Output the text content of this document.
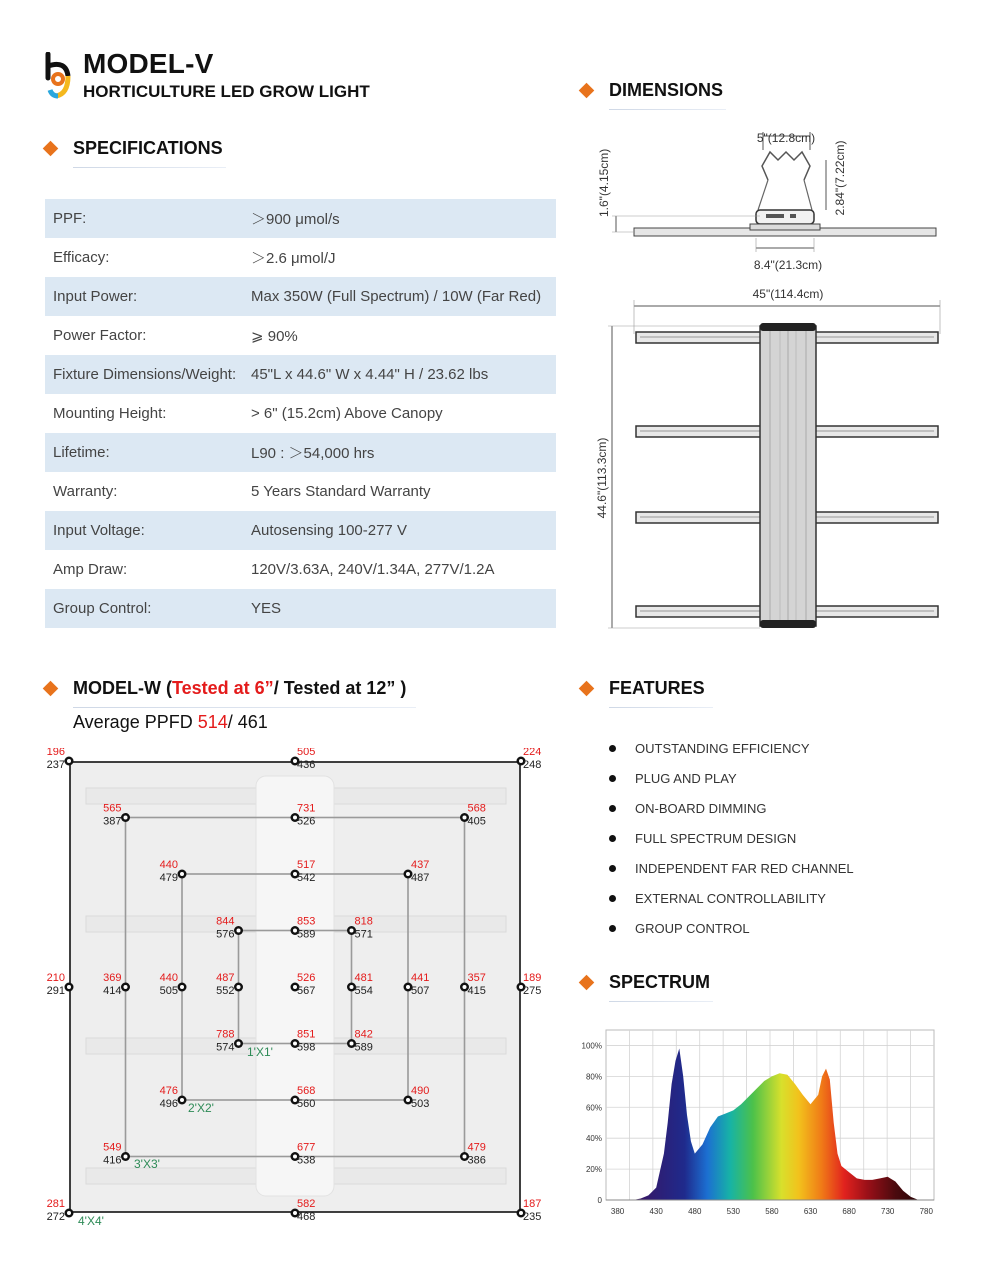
MODEL-V
HORTICULTURE LED GROW LIGHT
SPECIFICATIONS
PPF:	＞900 μmol/s
Efficacy:	＞2.6 μmol/J
Input Power:	Max 350W (Full Spectrum) / 10W (Far Red)
Power Factor:	⩾ 90%
Fixture Dimensions/Weight:	45"L x 44.6" W x 4.44" H / 23.62 lbs
Mounting Height:	> 6" (15.2cm) Above Canopy
Lifetime:	L90 : ＞54,000 hrs
Warranty:	5 Years Standard Warranty
Input Voltage:	Autosensing 100-277 V
Amp Draw:	120V/3.63A, 240V/1.34A, 277V/1.2A
Group Control:	YES
DIMENSIONS
5"(12.8cm)
1.6"(4.15cm)	2.84"(7.22cm)
8.4"(21.3cm)
45"(114.4cm)
44.6"(113.3cm)
MODEL-W ( Tested at 6” / Tested at 12” )
Average PPFD 514/ 461
196
237
505
436
224
248
565
387
731
526
568
405
440
479
517
542
437
487
844
576
853
589
818
571
210
291
369
414
440
505
487
552
526
567
481
554
441
507
357
415
189
275
788
574
851
598
842
589
476
496
568
560
490
503
549
416
677
538
479
386
281
272
582
468
187
235
1'X1'
2'X2'
3'X3'
4'X4'
FEATURES
OUTSTANDING EFFICIENCY
PLUG AND PLAY
ON-BOARD DIMMING
FULL SPECTRUM DESIGN
INDEPENDENT FAR RED CHANNEL
EXTERNAL CONTROLLABILITY
GROUP CONTROL
SPECTRUM
0
20%
40%
60%
80%
100%
380	430	480	530	580	630	680	730	780
